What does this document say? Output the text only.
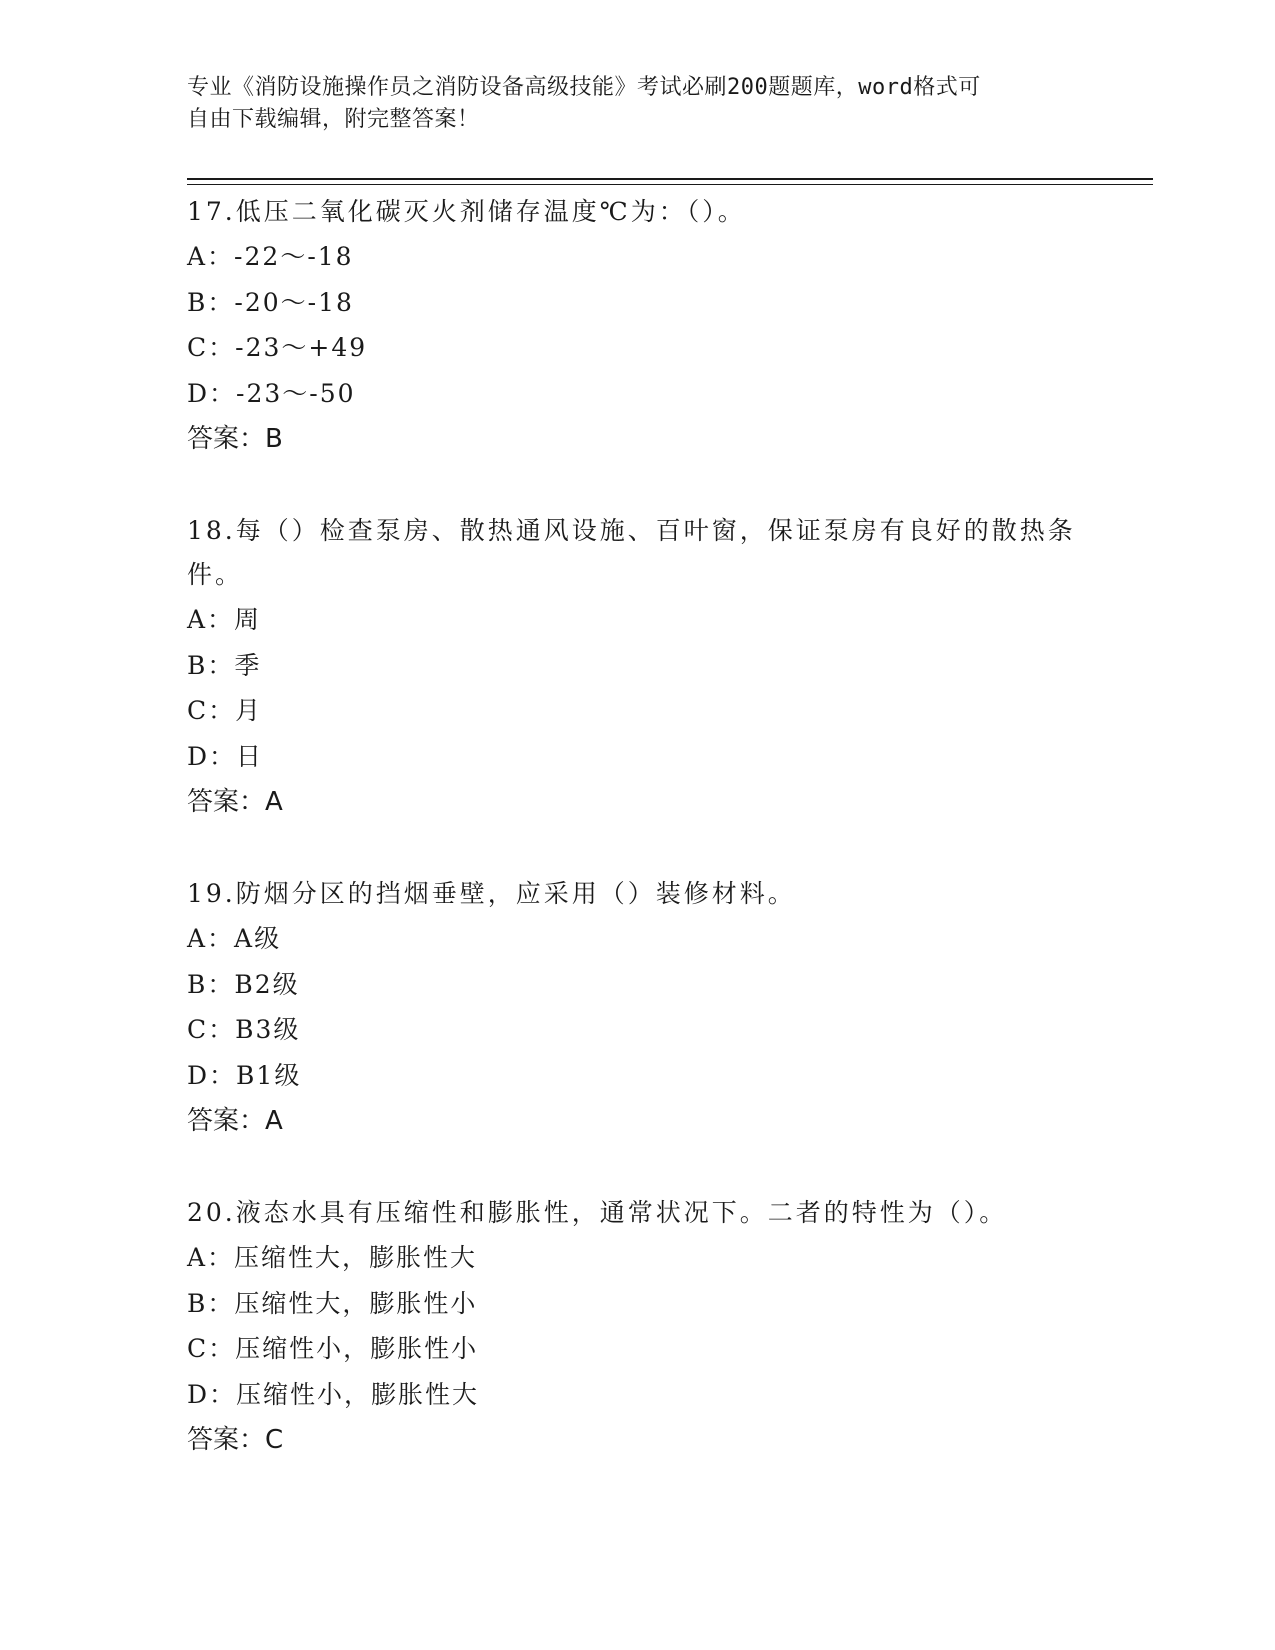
专业《消防设施操作员之消防设备高级技能》考试必刷200题题库，word格式可
自由下载编辑，附完整答案！

17.低压二氧化碳灭火剂储存温度℃为：（）。

A：-22～-18

B：-20～-18

C：-23～+49

D：-23～-50

答案：B

18.每（）检查泵房、散热通风设施、百叶窗，保证泵房有良好的散热条件。

A：周

B：季

C：月

D：日

答案：A

19.防烟分区的挡烟垂壁，应采用（）装修材料。

A：A级

B：B2级

C：B3级

D：B1级

答案：A

20.液态水具有压缩性和膨胀性，通常状况下。二者的特性为（）。

A：压缩性大，膨胀性大

B：压缩性大，膨胀性小

C：压缩性小，膨胀性小

D：压缩性小，膨胀性大

答案：C
